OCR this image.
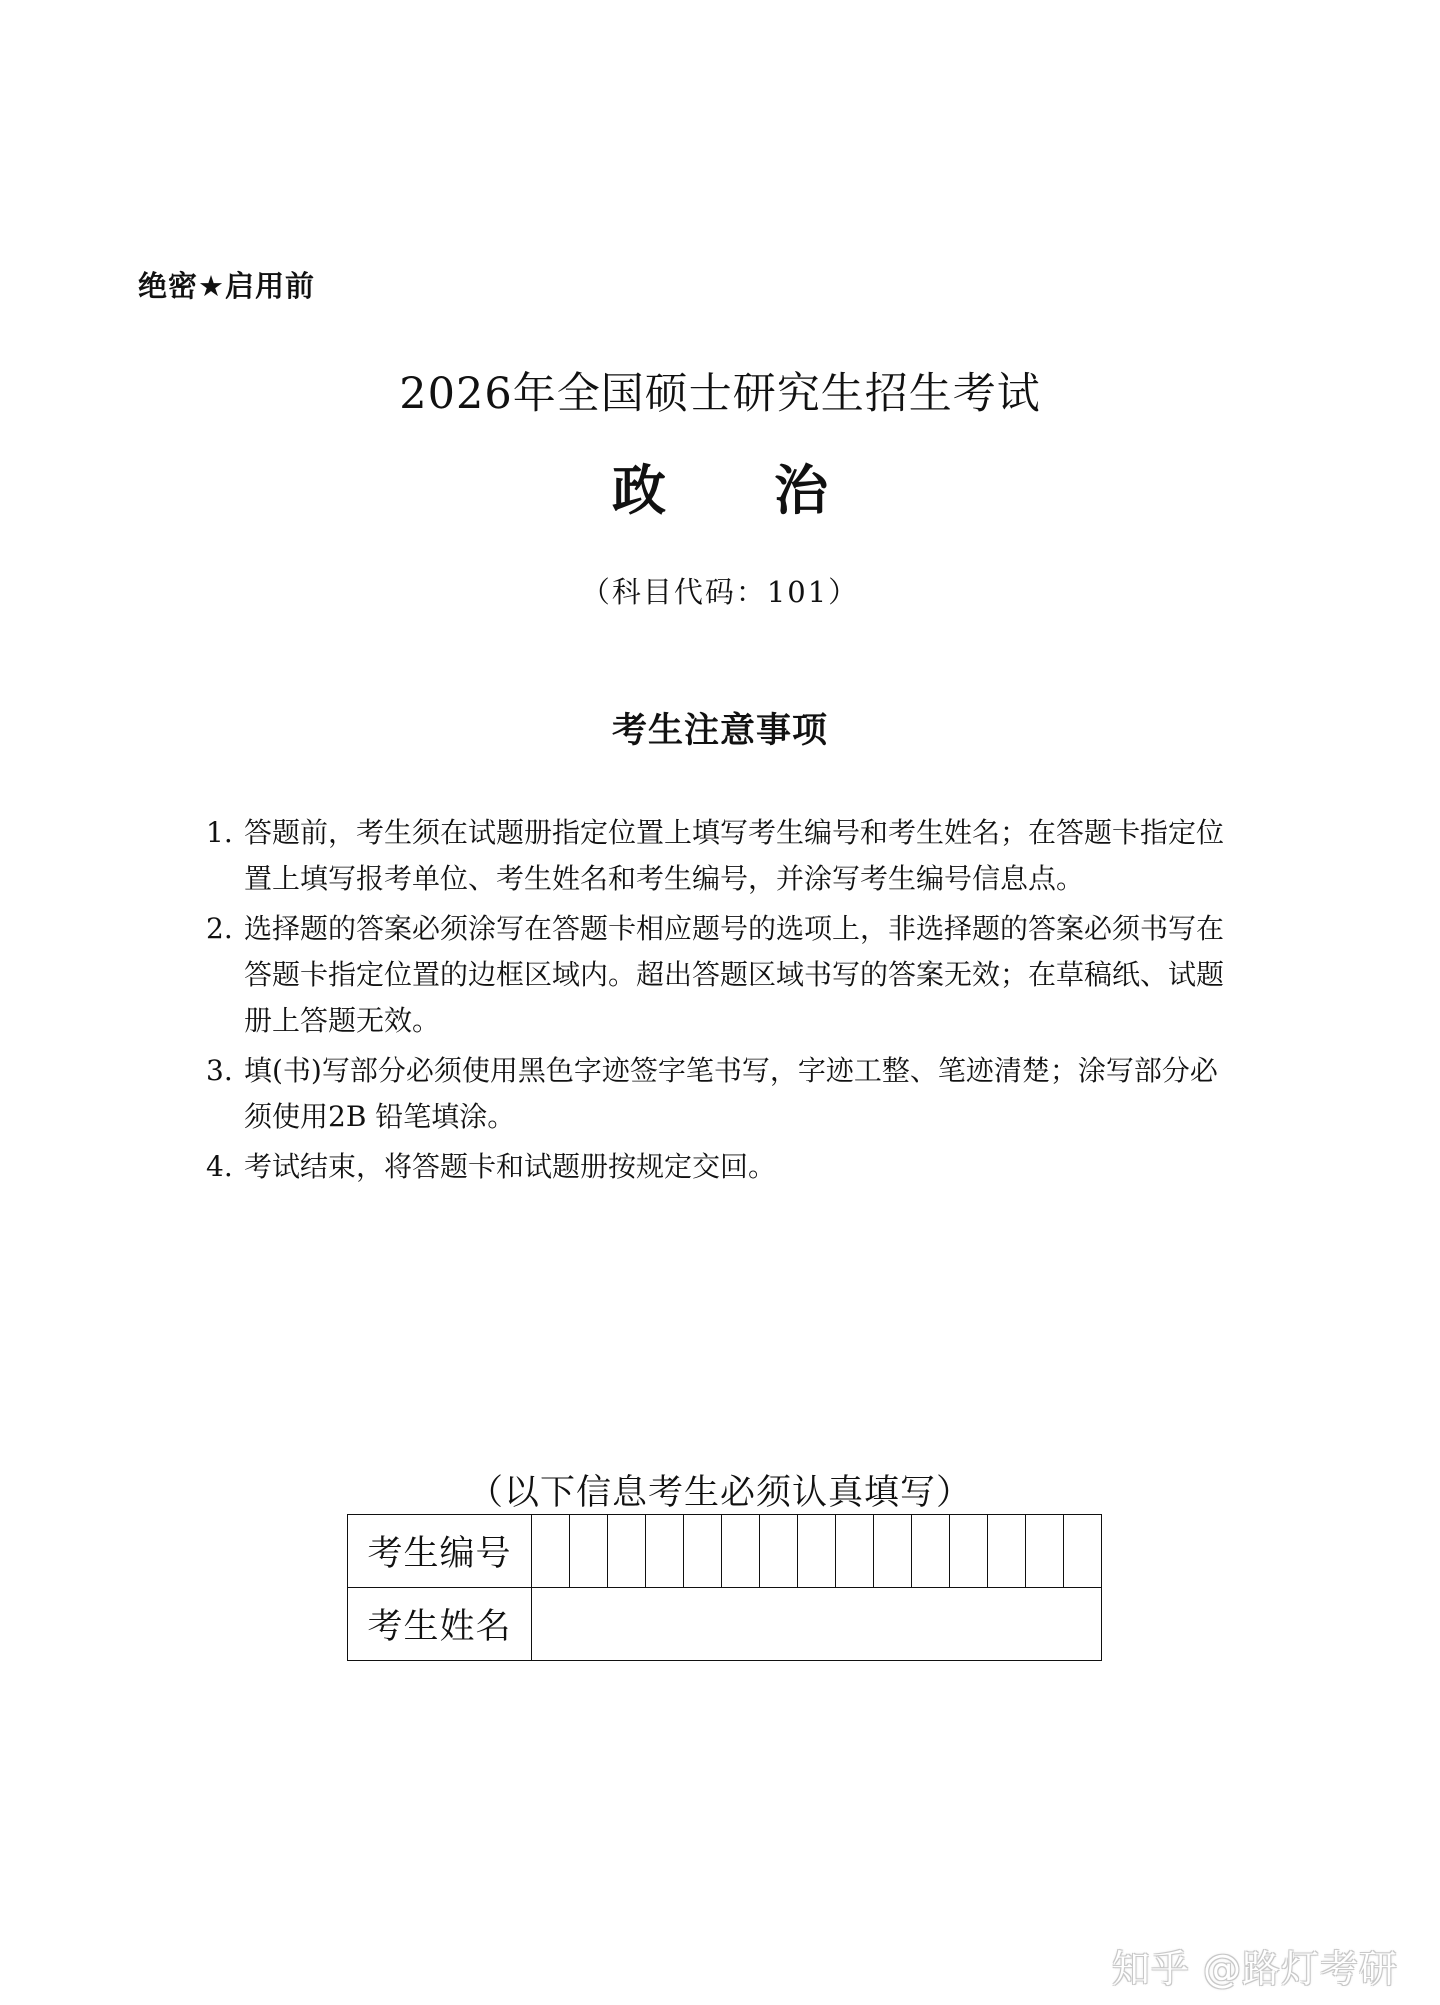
绝密★启用前
2026年全国硕士研究生招生考试
政　　治
（科目代码：101）
考生注意事项
1. 答题前，考生须在试题册指定位置上填写考生编号和考生姓名；在答题卡指定位置上填写报考单位、考生姓名和考生编号，并涂写考生编号信息点。
2. 选择题的答案必须涂写在答题卡相应题号的选项上，非选择题的答案必须书写在答题卡指定位置的边框区域内。超出答题区域书写的答案无效；在草稿纸、试题册上答题无效。
3. 填(书)写部分必须使用黑色字迹签字笔书写，字迹工整、笔迹清楚；涂写部分必须使用2B 铅笔填涂。
4. 考试结束，将答题卡和试题册按规定交回。
（以下信息考生必须认真填写）
考生编号															
考生姓名															
知乎 @路灯考研
